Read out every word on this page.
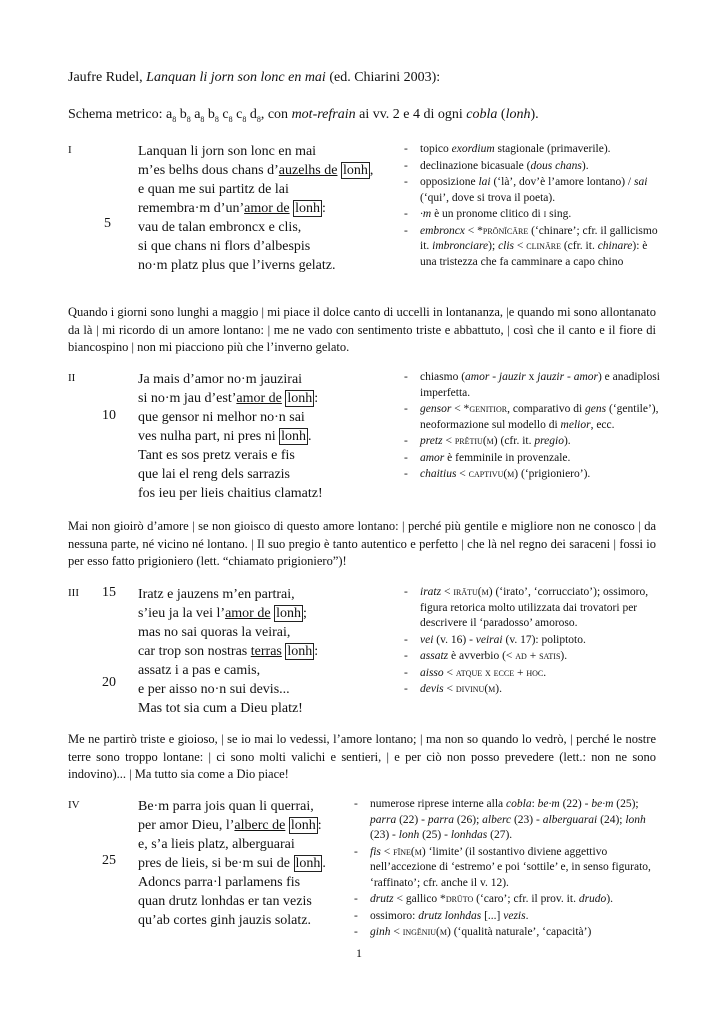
Jaufre Rudel, Lanquan li jorn son lonc en mai (ed. Chiarini 2003):
Schema metrico: $a_8$ $b_8$ $a_8$ $b_8$ $c_8$ $c_8$ $d_8$, con mot-refrain ai vv. 2 e 4 di ogni cobla (lonh).
I
5
Lanquan li jorn son lonc en mai
m’es belhs dous chans d’auzelhs de lonh ,
e quan me sui partitz de lai
remembra·m d’un’amor de lonh :
vau de talan embroncx e clis,
si que chans ni flors d’albespis
no·m platz plus que l’iverns gelatz.
- topico exordium stagionale (primaverile).
- declinazione bicasuale (dous chans).
- opposizione lai (‘là’, dov’è l’amore lontano) / sai (‘qui’, dove si trova il poeta).
- ·m è un pronome clitico di i sing.
- embroncx < *prōnĭcāre (‘chinare’; cfr. il gallicismo it. imbronciare); clis < clināre (cfr. it. chinare): è una tristezza che fa camminare a capo chino
Quando i giorni sono lunghi a maggio | mi piace il dolce canto di uccelli in lontananza, |e quando mi sono allontanato da là | mi ricordo di un amore lontano: | me ne vado con sentimento triste e abbattuto, | così che il canto e il fiore di biancospino | non mi piacciono più che l’inverno gelato.
II
10
Ja mais d’amor no·m jauzirai
si no·m jau d’est’amor de lonh :
que gensor ni melhor no·n sai
ves nulha part, ni pres ni lonh .
Tant es sos pretz verais e fis
que lai el reng dels sarrazis
fos ieu per lieis chaitius clamatz!
- chiasmo (amor - jauzir x jauzir - amor) e anadiplosi imperfetta.
- gensor < *genitior, comparativo di gens (‘gentile’), neoformazione sul modello di melior, ecc.
- pretz < prĕtiu(m) (cfr. it. pregio).
- amor è femminile in provenzale.
- chaitius < captivu(m) (‘prigioniero’).
Mai non gioirò d’amore | se non gioisco di questo amore lontano: | perché più gentile e migliore non ne conosco | da nessuna parte, né vicino né lontano. | Il suo pregio è tanto autentico e perfetto | che là nel regno dei saraceni | fossi io per esso fatto prigioniero (lett. “chiamato prigioniero”)!
III 15
20
Iratz e jauzens m’en partrai,
s’ieu ja la vei l’amor de lonh ;
mas no sai quoras la veirai,
car trop son nostras terras lonh :
assatz i a pas e camis,
e per aisso no·n sui devis...
Mas tot sia cum a Dieu platz!
- iratz < irātu(m) (‘irato’, ‘corrucciato’); ossimoro, figura retorica molto utilizzata dai trovatori per descrivere il ‘paradosso’ amoroso.
- vei (v. 16) - veirai (v. 17): poliptoto.
- assatz è avverbio (< ad + satis).
- aisso < atque x ecce + hoc.
- devis < divinu(m).
Me ne partirò triste e gioioso, | se io mai lo vedessi, l’amore lontano; | ma non so quando lo vedrò, | perché le nostre terre sono troppo lontane: | ci sono molti valichi e sentieri, | e per ciò non posso prevedere (lett.: non ne sono indovino)... | Ma tutto sia come a Dio piace!
IV
25
Be·m parra jois quan li querrai,
per amor Dieu, l’alberc de lonh :
e, s’a lieis platz, alberguarai
pres de lieis, si be·m sui de lonh .
Adoncs parra·l parlamens fis
quan drutz lonhdas er tan vezis
qu’ab cortes ginh jauzis solatz.
- numerose riprese interne alla cobla: be·m (22) - be·m (25); parra (22) - parra (26); alberc (23) - alberguarai (24); lonh (23) - lonh (25) - lonhdas (27).
- fis < fīne(m) ‘limite’ (il sostantivo diviene aggettivo nell’accezione di ‘estremo’ e poi ‘sottile’ e, in senso figurato, ‘raffinato’; cfr. anche il v. 12).
- drutz < gallico *drūto (‘caro’; cfr. il prov. it. drudo).
- ossimoro: drutz lonhdas [...] vezis.
- ginh < ingĕniu(m) (‘qualità naturale’, ‘capacità’)
1
